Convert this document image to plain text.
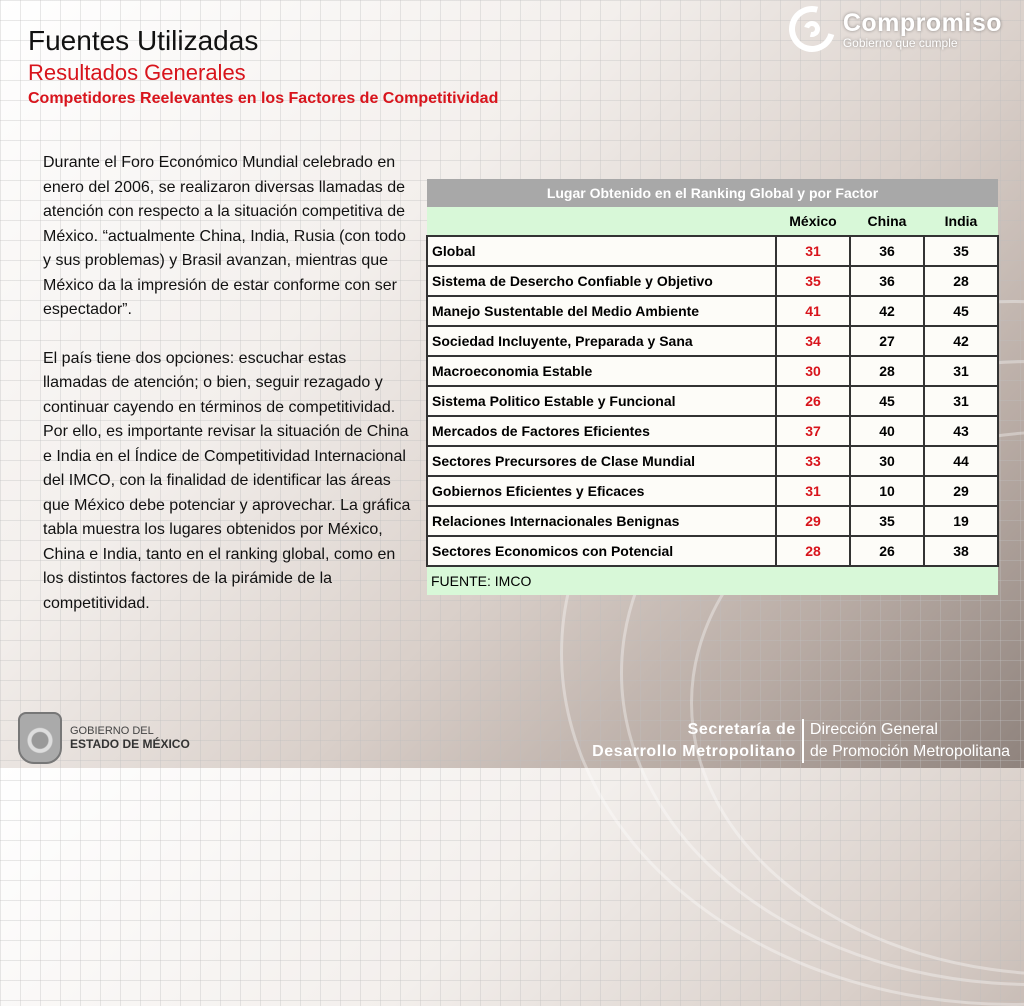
Fuentes Utilizadas
Resultados Generales
Competidores Reelevantes en los Factores de Competitividad
Compromiso
Gobierno que cumple

Durante el Foro Económico Mundial celebrado en enero del 2006, se realizaron diversas llamadas de atención con respecto a la situación competitiva de México. “actualmente China, India, Rusia (con todo y sus problemas) y Brasil avanzan, mientras que México da la impresión de estar conforme con ser espectador”.

El país tiene dos opciones: escuchar estas llamadas de atención; o bien, seguir rezagado y continuar cayendo en términos de competitividad. Por ello, es importante revisar la situación de China e India en el Índice de Competitividad Internacional del IMCO, con la finalidad de identificar las áreas que México debe potenciar y aprovechar. La gráfica tabla muestra los lugares obtenidos por México, China e India, tanto en el ranking global, como en los distintos factores de la pirámide de la competitividad.

Lugar Obtenido en el Ranking Global y por Factor			
	México	China	India
Global	31	36	35
Sistema de Desercho Confiable y Objetivo	35	36	28
Manejo Sustentable del Medio Ambiente	41	42	45
Sociedad Incluyente, Preparada y Sana	34	27	42
Macroeconomia Estable	30	28	31
Sistema Politico Estable y Funcional	26	45	31
Mercados de Factores Eficientes	37	40	43
Sectores Precursores de Clase Mundial	33	30	44
Gobiernos Eficientes y Eficaces	31	10	29
Relaciones Internacionales Benignas	29	35	19
Sectores Economicos con Potencial	28	26	38
FUENTE: IMCO			
GOBIERNO DEL
ESTADO DE MÉXICO
Secretaría de
Desarrollo Metropolitano
Dirección General
de Promoción Metropolitana
